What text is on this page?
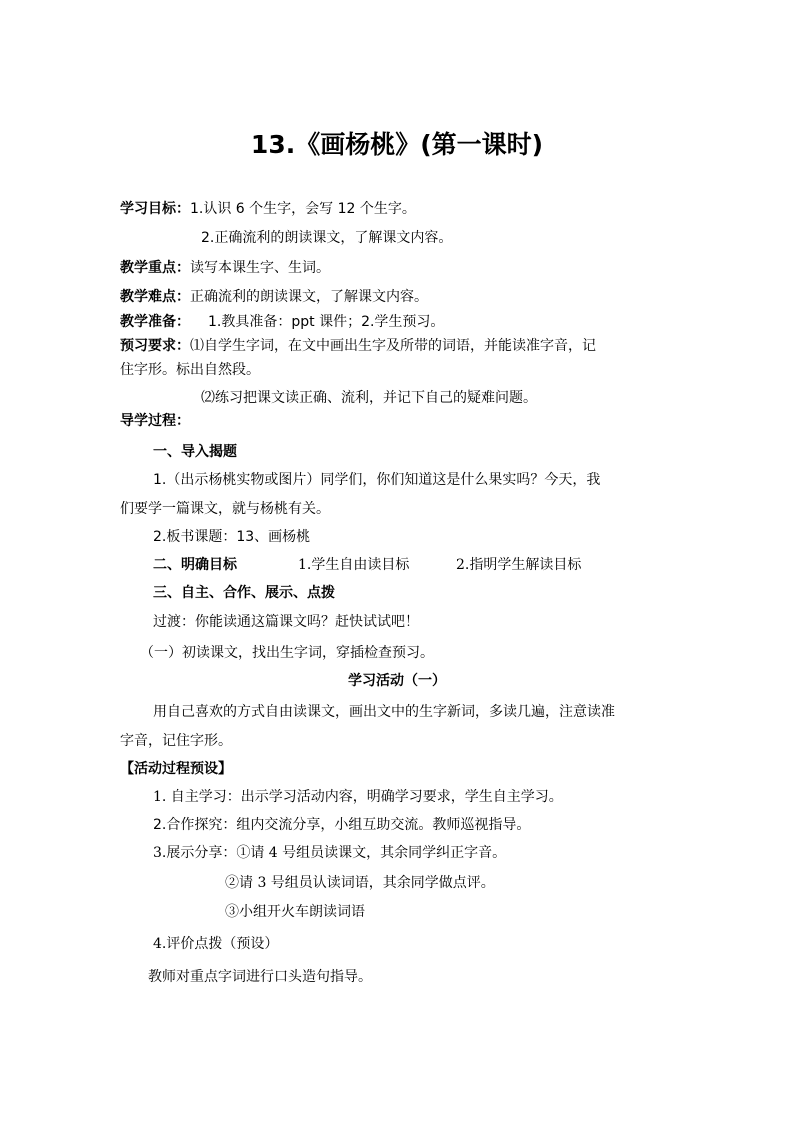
13.《画杨桃》(第一课时)
学习目标：1.认识 6 个生字，会写 12 个生字。
2.正确流利的朗读课文，了解课文内容。
教学重点：读写本课生字、生词。
教学难点：正确流利的朗读课文，了解课文内容。
教学准备： 1.教具准备：ppt 课件；2.学生预习。
预习要求：⑴自学生字词，在文中画出生字及所带的词语，并能读准字音，记
住字形。标出自然段。
⑵练习把课文读正确、流利，并记下自己的疑难问题。
导学过程：
一、导入揭题
1.（出示杨桃实物或图片）同学们，你们知道这是什么果实吗？今天，我
们要学一篇课文，就与杨桃有关。
2.板书课题：13、画杨桃
二、明确目标	1.学生自由读目标	2.指明学生解读目标
三、自主、合作、展示、点拨
过渡：你能读通这篇课文吗？赶快试试吧！
（一）初读课文，找出生字词，穿插检查预习。
学习活动（一）
用自己喜欢的方式自由读课文，画出文中的生字新词，多读几遍，注意读准
字音，记住字形。
【活动过程预设】
1. 自主学习：出示学习活动内容，明确学习要求，学生自主学习。
2.合作探究：组内交流分享，小组互助交流。教师巡视指导。
3.展示分享：①请 4 号组员读课文，其余同学纠正字音。
②请 3 号组员认读词语，其余同学做点评。
③小组开火车朗读词语
4.评价点拨（预设）
教师对重点字词进行口头造句指导。
